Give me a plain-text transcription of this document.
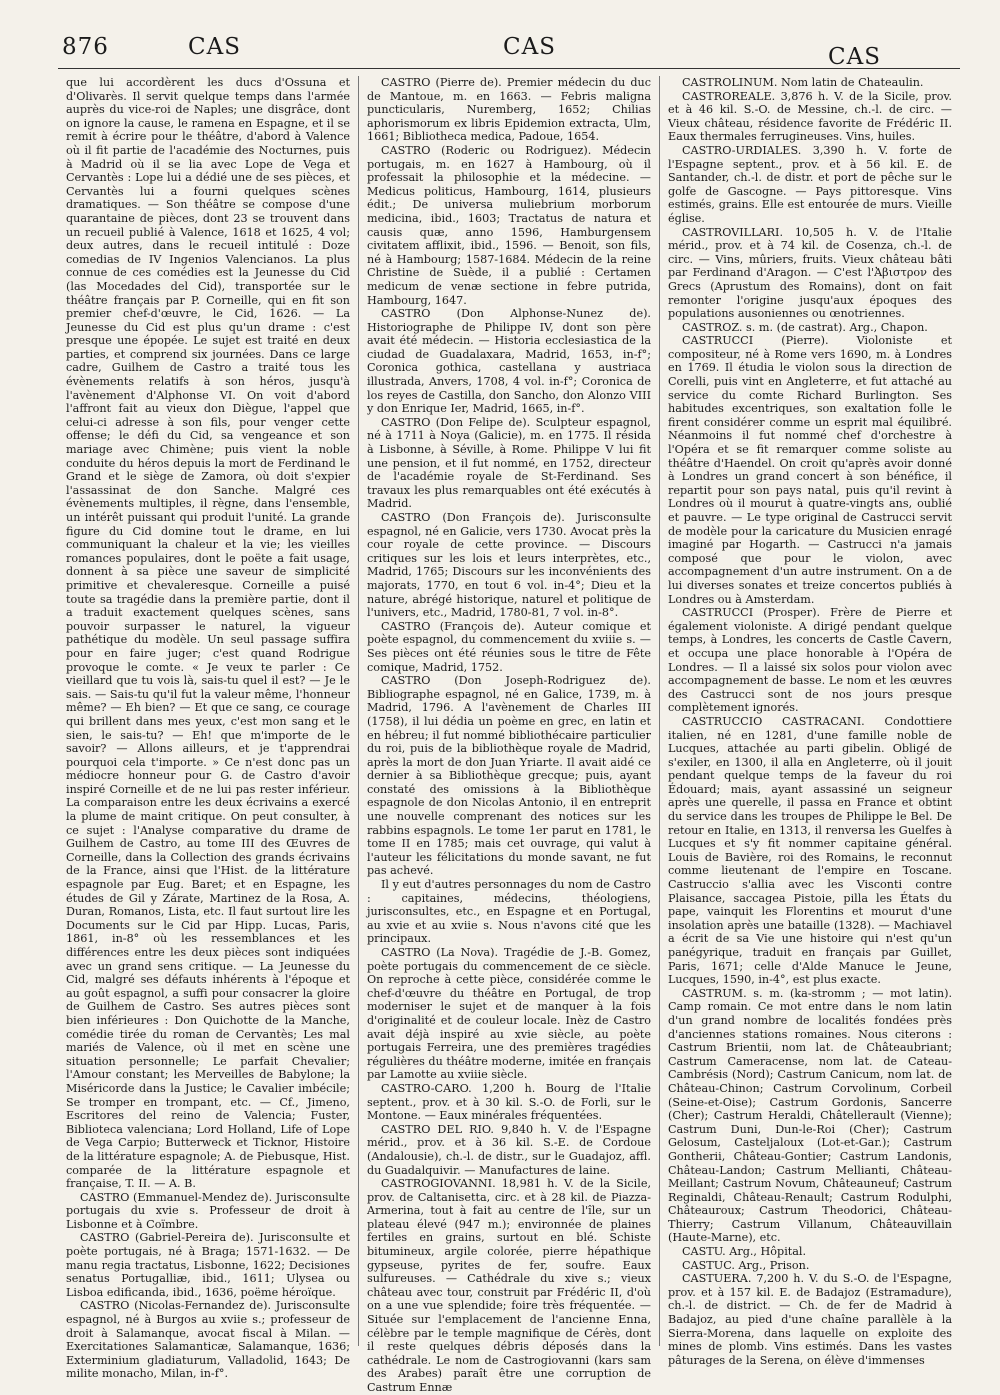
876	CAS	CAS	CAS

que lui accordèrent les ducs d'Ossuna et d'Olivarès. Il servit quelque temps dans l'armée auprès du vice-roi de Naples; une disgrâce, dont on ignore la cause, le ramena en Espagne, et il se remit à écrire pour le théâtre, d'abord à Valence où il fit partie de l'académie des Nocturnes, puis à Madrid où il se lia avec Lope de Vega et Cervantès : Lope lui a dédié une de ses pièces, et Cervantès lui a fourni quelques scènes dramatiques. — Son théâtre se compose d'une quarantaine de pièces, dont 23 se trouvent dans un recueil publié à Valence, 1618 et 1625, 4 vol; deux autres, dans le recueil intitulé : Doze comedias de IV Ingenios Valencianos. La plus connue de ces comédies est la Jeunesse du Cid (las Mocedades del Cid), transportée sur le théâtre français par P. Corneille, qui en fit son premier chef-d'œuvre, le Cid, 1626. — La Jeunesse du Cid est plus qu'un drame : c'est presque une épopée. Le sujet est traité en deux parties, et comprend six journées. Dans ce large cadre, Guilhem de Castro a traité tous les évènements relatifs à son héros, jusqu'à l'avènement d'Alphonse VI. On voit d'abord l'affront fait au vieux don Diègue, l'appel que celui-ci adresse à son fils, pour venger cette offense; le défi du Cid, sa vengeance et son mariage avec Chimène; puis vient la noble conduite du héros depuis la mort de Ferdinand le Grand et le siège de Zamora, où doit s'expier l'assassinat de don Sanche. Malgré ces évènements multiples, il règne, dans l'ensemble, un intérêt puissant qui produit l'unité. La grande figure du Cid domine tout le drame, en lui communiquant la chaleur et la vie; les vieilles romances populaires, dont le poëte a fait usage, donnent à sa pièce une saveur de simplicité primitive et chevaleresque. Corneille a puisé toute sa tragédie dans la première partie, dont il a traduit exactement quelques scènes, sans pouvoir surpasser le naturel, la vigueur pathétique du modèle. Un seul passage suffira pour en faire juger; c'est quand Rodrigue provoque le comte. « Je veux te parler : Ce vieillard que tu vois là, sais-tu quel il est? — Je le sais. — Sais-tu qu'il fut la valeur même, l'honneur même? — Eh bien? — Et que ce sang, ce courage qui brillent dans mes yeux, c'est mon sang et le sien, le sais-tu? — Eh! que m'importe de le savoir? — Allons ailleurs, et je t'apprendrai pourquoi cela t'importe. » Ce n'est donc pas un médiocre honneur pour G. de Castro d'avoir inspiré Corneille et de ne lui pas rester inférieur. La comparaison entre les deux écrivains a exercé la plume de maint critique. On peut consulter, à ce sujet : l'Analyse comparative du drame de Guilhem de Castro, au tome III des Œuvres de Corneille, dans la Collection des grands écrivains de la France, ainsi que l'Hist. de la littérature espagnole par Eug. Baret; et en Espagne, les études de Gil y Zárate, Martinez de la Rosa, A. Duran, Romanos, Lista, etc. Il faut surtout lire les Documents sur le Cid par Hipp. Lucas, Paris, 1861, in-8° où les ressemblances et les différences entre les deux pièces sont indiquées avec un grand sens critique. — La Jeunesse du Cid, malgré ses défauts inhérents à l'époque et au goût espagnol, a suffi pour consacrer la gloire de Guilhem de Castro. Ses autres pièces sont bien inférieures : Don Quichotte de la Manche, comédie tirée du roman de Cervantès; Les mal mariés de Valence, où il met en scène une situation personnelle; Le parfait Chevalier; l'Amour constant; les Merveilles de Babylone; la Miséricorde dans la Justice; le Cavalier imbécile; Se tromper en trompant, etc. — Cf., Jimeno, Escritores del reino de Valencia; Fuster, Biblioteca valenciana; Lord Holland, Life of Lope de Vega Carpio; Butterweck et Ticknor, Histoire de la littérature espagnole; A. de Piebusque, Hist. comparée de la littérature espagnole et française, T. II. — A. B.

CASTRO (Emmanuel-Mendez de). Jurisconsulte portugais du xvie s. Professeur de droit à Lisbonne et à Coïmbre.

CASTRO (Gabriel-Pereira de). Jurisconsulte et poète portugais, né à Braga; 1571-1632. — De manu regia tractatus, Lisbonne, 1622; Decisiones senatus Portugalliæ, ibid., 1611; Ulysea ou Lisboa edificanda, ibid., 1636, poëme héroïque.

CASTRO (Nicolas-Fernandez de). Jurisconsulte espagnol, né à Burgos au xviie s.; professeur de droit à Salamanque, avocat fiscal à Milan. — Exercitationes Salamanticæ, Salamanque, 1636; Exterminium gladiaturum, Valladolid, 1643; De milite monacho, Milan, in-f°.

CASTRO (Pierre de). Premier médecin du duc de Mantoue, m. en 1663. — Febris maligna puncticularis, Nuremberg, 1652; Chilias aphorismorum ex libris Epidemion extracta, Ulm, 1661; Bibliotheca medica, Padoue, 1654.

CASTRO (Roderic ou Rodriguez). Médecin portugais, m. en 1627 à Hambourg, où il professait la philosophie et la médecine. — Medicus politicus, Hambourg, 1614, plusieurs édit.; De universa muliebrium morborum medicina, ibid., 1603; Tractatus de natura et causis quæ, anno 1596, Hamburgensem civitatem afflixit, ibid., 1596. — Benoit, son fils, né à Hambourg; 1587-1684. Médecin de la reine Christine de Suède, il a publié : Certamen medicum de venæ sectione in febre putrida, Hambourg, 1647.

CASTRO (Don Alphonse-Nunez de). Historiographe de Philippe IV, dont son père avait été médecin. — Historia ecclesiastica de la ciudad de Guadalaxara, Madrid, 1653, in-f°; Coronica gothica, castellana y austriaca illustrada, Anvers, 1708, 4 vol. in-f°; Coronica de los reyes de Castilla, don Sancho, don Alonzo VIII y don Enrique Ier, Madrid, 1665, in-f°.

CASTRO (Don Felipe de). Sculpteur espagnol, né à 1711 à Noya (Galicie), m. en 1775. Il résida à Lisbonne, à Séville, à Rome. Philippe V lui fit une pension, et il fut nommé, en 1752, directeur de l'académie royale de St-Ferdinand. Ses travaux les plus remarquables ont été exécutés à Madrid.

CASTRO (Don François de). Jurisconsulte espagnol, né en Galicie, vers 1730. Avocat près la cour royale de cette province. — Discours critiques sur les lois et leurs interprètes, etc., Madrid, 1765; Discours sur les inconvénients des majorats, 1770, en tout 6 vol. in-4°; Dieu et la nature, abrégé historique, naturel et politique de l'univers, etc., Madrid, 1780-81, 7 vol. in-8°.

CASTRO (François de). Auteur comique et poète espagnol, du commencement du xviiie s. — Ses pièces ont été réunies sous le titre de Fête comique, Madrid, 1752.

CASTRO (Don Joseph-Rodriguez de). Bibliographe espagnol, né en Galice, 1739, m. à Madrid, 1796. A l'avènement de Charles III (1758), il lui dédia un poème en grec, en latin et en hébreu; il fut nommé bibliothécaire particulier du roi, puis de la bibliothèque royale de Madrid, après la mort de don Juan Yriarte. Il avait aidé ce dernier à sa Bibliothèque grecque; puis, ayant constaté des omissions à la Bibliothèque espagnole de don Nicolas Antonio, il en entreprit une nouvelle comprenant des notices sur les rabbins espagnols. Le tome 1er parut en 1781, le tome II en 1785; mais cet ouvrage, qui valut à l'auteur les félicitations du monde savant, ne fut pas achevé.

Il y eut d'autres personnages du nom de Castro : capitaines, médecins, théologiens, jurisconsultes, etc., en Espagne et en Portugal, au xvie et au xviie s. Nous n'avons cité que les principaux.

CASTRO (La Nova). Tragédie de J.-B. Gomez, poète portugais du commencement de ce siècle. On reproche à cette pièce, considérée comme le chef-d'œuvre du théâtre en Portugal, de trop moderniser le sujet et de manquer à la fois d'originalité et de couleur locale. Inèz de Castro avait déjà inspiré au xvie siècle, au poète portugais Ferreira, une des premières tragédies régulières du théâtre moderne, imitée en français par Lamotte au xviiie siècle.

CASTRO-CARO. 1,200 h. Bourg de l'Italie septent., prov. et à 30 kil. S.-O. de Forli, sur le Montone. — Eaux minérales fréquentées.

CASTRO DEL RIO. 9,840 h. V. de l'Espagne mérid., prov. et à 36 kil. S.-E. de Cordoue (Andalousie), ch.-l. de distr., sur le Guadajoz, affl. du Guadalquivir. — Manufactures de laine.

CASTROGIOVANNI. 18,981 h. V. de la Sicile, prov. de Caltanisetta, circ. et à 28 kil. de Piazza-Armerina, tout à fait au centre de l'île, sur un plateau élevé (947 m.); environnée de plaines fertiles en grains, surtout en blé. Schiste bitumineux, argile colorée, pierre hépathique gypseuse, pyrites de fer, soufre. Eaux sulfureuses. — Cathédrale du xive s.; vieux château avec tour, construit par Frédéric II, d'où on a une vue splendide; foire très fréquentée. — Située sur l'emplacement de l'ancienne Enna, célèbre par le temple magnifique de Cérès, dont il reste quelques débris déposés dans la cathédrale. Le nom de Castrogiovanni (kars sam des Arabes) paraît être une corruption de Castrum Ennæ

CASTROLINUM. Nom latin de Chateaulin.

CASTROREALE. 3,876 h. V. de la Sicile, prov. et à 46 kil. S.-O. de Messine, ch.-l. de circ. — Vieux château, résidence favorite de Frédéric II. Eaux thermales ferrugineuses. Vins, huiles.

CASTRO-URDIALES. 3,390 h. V. forte de l'Espagne septent., prov. et à 56 kil. E. de Santander, ch.-l. de distr. et port de pêche sur le golfe de Gascogne. — Pays pittoresque. Vins estimés, grains. Elle est entourée de murs. Vieille église.

CASTROVILLARI. 10,505 h. V. de l'Italie mérid., prov. et à 74 kil. de Cosenza, ch.-l. de circ. — Vins, mûriers, fruits. Vieux château bâti par Ferdinand d'Aragon. — C'est l'Ἀβιστρον des Grecs (Aprustum des Romains), dont on fait remonter l'origine jusqu'aux époques des populations ausoniennes ou œnotriennes.

CASTROZ. s. m. (de castrat). Arg., Chapon.

CASTRUCCI (Pierre). Violoniste et compositeur, né à Rome vers 1690, m. à Londres en 1769. Il étudia le violon sous la direction de Corelli, puis vint en Angleterre, et fut attaché au service du comte Richard Burlington. Ses habitudes excentriques, son exaltation folle le firent considérer comme un esprit mal équilibré. Néanmoins il fut nommé chef d'orchestre à l'Opéra et se fit remarquer comme soliste au théâtre d'Haendel. On croit qu'après avoir donné à Londres un grand concert à son bénéfice, il repartit pour son pays natal, puis qu'il revint à Londres où il mourut à quatre-vingts ans, oublié et pauvre. — Le type original de Castrucci servit de modèle pour la caricature du Musicien enragé imaginé par Hogarth. — Castrucci n'a jamais composé que pour le violon, avec accompagnement d'un autre instrument. On a de lui diverses sonates et treize concertos publiés à Londres ou à Amsterdam.

CASTRUCCI (Prosper). Frère de Pierre et également violoniste. A dirigé pendant quelque temps, à Londres, les concerts de Castle Cavern, et occupa une place honorable à l'Opéra de Londres. — Il a laissé six solos pour violon avec accompagnement de basse. Le nom et les œuvres des Castrucci sont de nos jours presque complètement ignorés.

CASTRUCCIO CASTRACANI. Condottiere italien, né en 1281, d'une famille noble de Lucques, attachée au parti gibelin. Obligé de s'exiler, en 1300, il alla en Angleterre, où il jouit pendant quelque temps de la faveur du roi Édouard; mais, ayant assassiné un seigneur après une querelle, il passa en France et obtint du service dans les troupes de Philippe le Bel. De retour en Italie, en 1313, il renversa les Guelfes à Lucques et s'y fit nommer capitaine général. Louis de Bavière, roi des Romains, le reconnut comme lieutenant de l'empire en Toscane. Castruccio s'allia avec les Visconti contre Plaisance, saccagea Pistoie, pilla les États du pape, vainquit les Florentins et mourut d'une insolation après une bataille (1328). — Machiavel a écrit de sa Vie une histoire qui n'est qu'un panégyrique, traduit en français par Guillet, Paris, 1671; celle d'Alde Manuce le Jeune, Lucques, 1590, in-4°, est plus exacte.

CASTRUM. s. m. (ka-stromm ; — mot latin). Camp romain. Ce mot entre dans le nom latin d'un grand nombre de localités fondées près d'anciennes stations romaines. Nous citerons : Castrum Brientii, nom lat. de Châteaubriant; Castrum Cameracense, nom lat. de Cateau-Cambrésis (Nord); Castrum Canicum, nom lat. de Château-Chinon; Castrum Corvolinum, Corbeil (Seine-et-Oise); Castrum Gordonis, Sancerre (Cher); Castrum Heraldi, Châtellerault (Vienne); Castrum Duni, Dun-le-Roi (Cher); Castrum Gelosum, Casteljaloux (Lot-et-Gar.); Castrum Gontherii, Château-Gontier; Castrum Landonis, Château-Landon; Castrum Mellianti, Château-Meillant; Castrum Novum, Châteauneuf; Castrum Reginaldi, Château-Renault; Castrum Rodulphi, Châteauroux; Castrum Theodorici, Château-Thierry; Castrum Villanum, Châteauvillain (Haute-Marne), etc.

CASTU. Arg., Hôpital.

CASTUC. Arg., Prison.

CASTUERA. 7,200 h. V. du S.-O. de l'Espagne, prov. et à 157 kil. E. de Badajoz (Estramadure), ch.-l. de district. — Ch. de fer de Madrid à Badajoz, au pied d'une chaîne parallèle à la Sierra-Morena, dans laquelle on exploite des mines de plomb. Vins estimés. Dans les vastes pâturages de la Serena, on élève d'immenses
